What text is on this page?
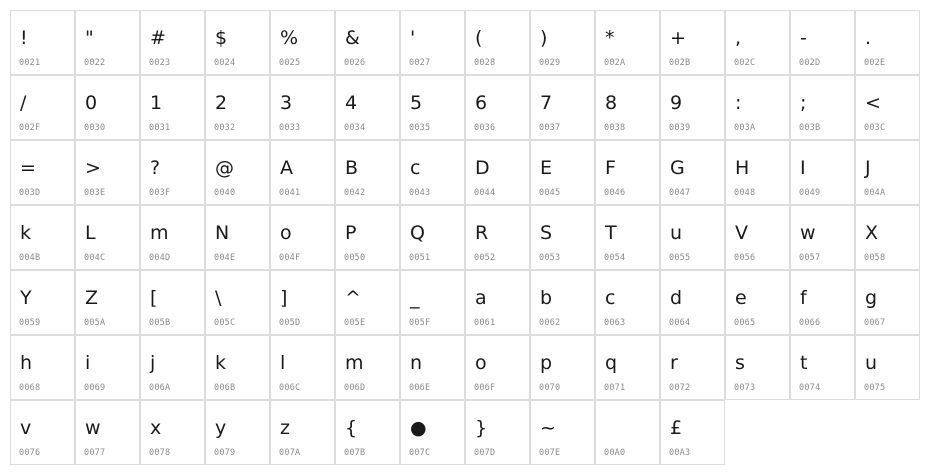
!
0021
"
0022
#
0023
$
0024
%
0025
&
0026
'
0027
(
0028
)
0029
*
002A
+
002B
,
002C
-
002D
.
002E
/
002F
0
0030
1
0031
2
0032
3
0033
4
0034
5
0035
6
0036
7
0037
8
0038
9
0039
:
003A
;
003B
<
003C
=
003D
>
003E
?
003F
@
0040
A
0041
B
0042
c
0043
D
0044
E
0045
F
0046
G
0047
H
0048
I
0049
J
004A
k
004B
L
004C
m
004D
N
004E
o
004F
P
0050
Q
0051
R
0052
S
0053
T
0054
u
0055
V
0056
w
0057
X
0058
Y
0059
Z
005A
[
005B
\
005C
]
005D
^
005E
_
005F
a
0061
b
0062
c
0063
d
0064
e
0065
f
0066
g
0067
h
0068
i
0069
j
006A
k
006B
l
006C
m
006D
n
006E
o
006F
p
0070
q
0071
r
0072
s
0073
t
0074
u
0075
v
0076
w
0077
x
0078
y
0079
z
007A
{
007B
●
007C
}
007D
~
007E	00A0
£
00A3
